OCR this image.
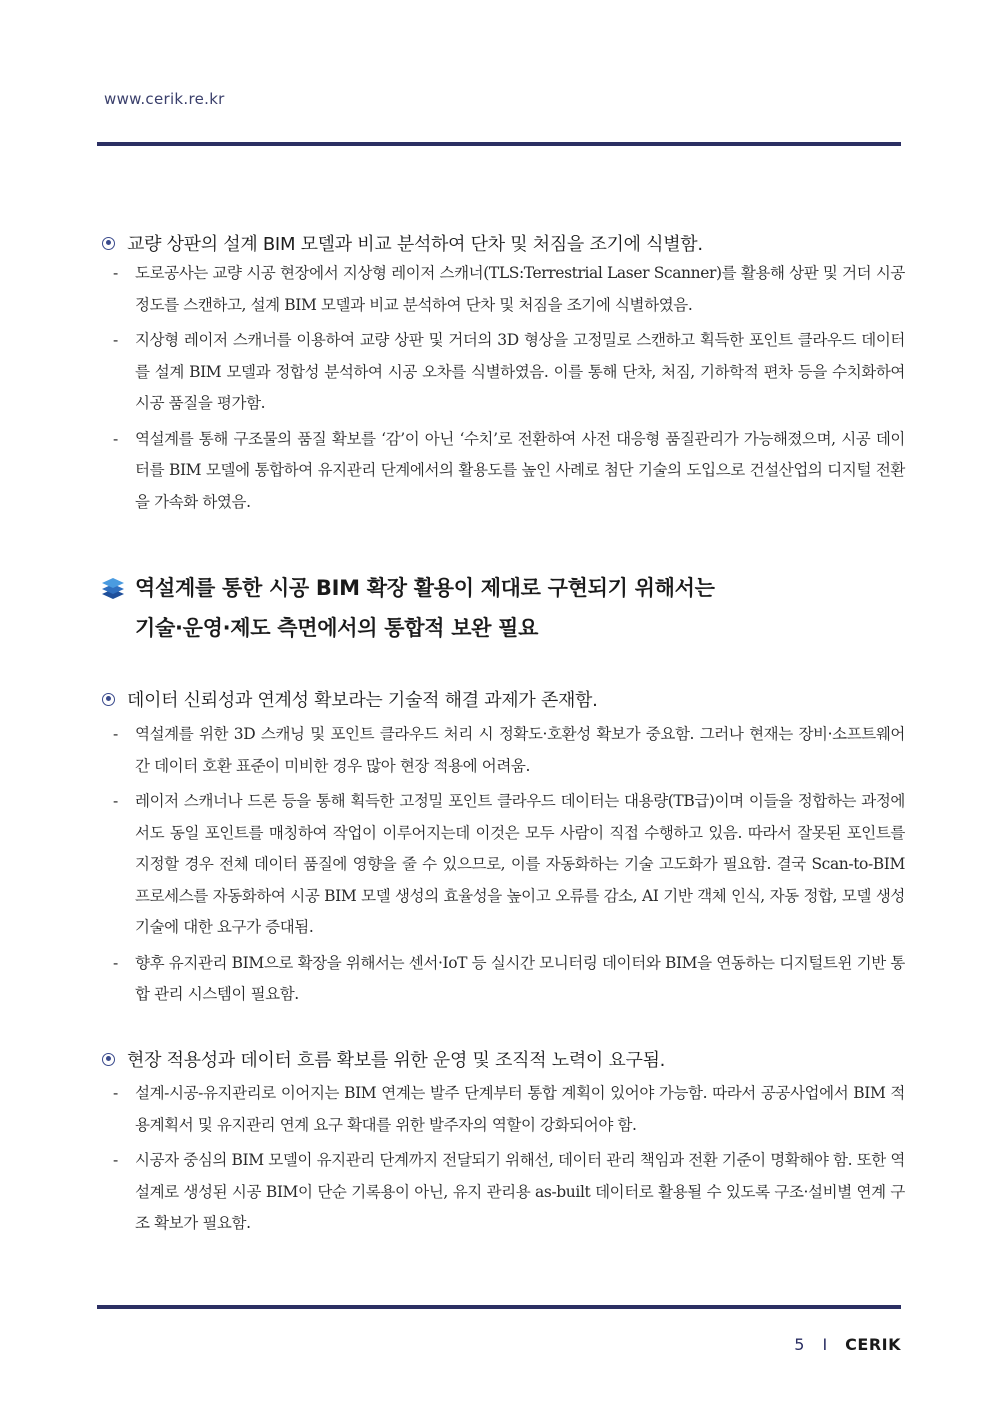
www.cerik.re.kr
교량 상판의 설계 BIM 모델과 비교 분석하여 단차 및 처짐을 조기에 식별함.
- 도로공사는 교량 시공 현장에서 지상형 레이저 스캐너(TLS:Terrestrial Laser Scanner)를 활용해 상판 및 거더 시공 정도를 스캔하고, 설계 BIM 모델과 비교 분석하여 단차 및 처짐을 조기에 식별하였음.
- 지상형 레이저 스캐너를 이용하여 교량 상판 및 거더의 3D 형상을 고정밀로 스캔하고 획득한 포인트 클라우드 데이터를 설계 BIM 모델과 정합성 분석하여 시공 오차를 식별하였음. 이를 통해 단차, 처짐, 기하학적 편차 등을 수치화하여 시공 품질을 평가함.
- 역설계를 통해 구조물의 품질 확보를 ‘감’이 아닌 ‘수치’로 전환하여 사전 대응형 품질관리가 가능해졌으며, 시공 데이터를 BIM 모델에 통합하여 유지관리 단계에서의 활용도를 높인 사례로 첨단 기술의 도입으로 건설산업의 디지털 전환을 가속화 하였음.
역설계를 통한 시공 BIM 확장 활용이 제대로 구현되기 위해서는
기술·운영·제도 측면에서의 통합적 보완 필요
데이터 신뢰성과 연계성 확보라는 기술적 해결 과제가 존재함.
- 역설계를 위한 3D 스캐닝 및 포인트 클라우드 처리 시 정확도·호환성 확보가 중요함. 그러나 현재는 장비·소프트웨어 간 데이터 호환 표준이 미비한 경우 많아 현장 적용에 어려움.
- 레이저 스캐너나 드론 등을 통해 획득한 고정밀 포인트 클라우드 데이터는 대용량(TB급)이며 이들을 정합하는 과정에서도 동일 포인트를 매칭하여 작업이 이루어지는데 이것은 모두 사람이 직접 수행하고 있음. 따라서 잘못된 포인트를 지정할 경우 전체 데이터 품질에 영향을 줄 수 있으므로, 이를 자동화하는 기술 고도화가 필요함. 결국 Scan-to-BIM 프로세스를 자동화하여 시공 BIM 모델 생성의 효율성을 높이고 오류를 감소, AI 기반 객체 인식, 자동 정합, 모델 생성 기술에 대한 요구가 증대됨.
- 향후 유지관리 BIM으로 확장을 위해서는 센서·IoT 등 실시간 모니터링 데이터와 BIM을 연동하는 디지털트윈 기반 통합 관리 시스템이 필요함.
현장 적용성과 데이터 흐름 확보를 위한 운영 및 조직적 노력이 요구됨.
- 설계-시공-유지관리로 이어지는 BIM 연계는 발주 단계부터 통합 계획이 있어야 가능함. 따라서 공공사업에서 BIM 적용계획서 및 유지관리 연계 요구 확대를 위한 발주자의 역할이 강화되어야 함.
- 시공자 중심의 BIM 모델이 유지관리 단계까지 전달되기 위해선, 데이터 관리 책임과 전환 기준이 명확해야 함. 또한 역설계로 생성된 시공 BIM이 단순 기록용이 아닌, 유지 관리용 as-built 데이터로 활용될 수 있도록 구조·설비별 연계 구조 확보가 필요함.
5 I CERIK
